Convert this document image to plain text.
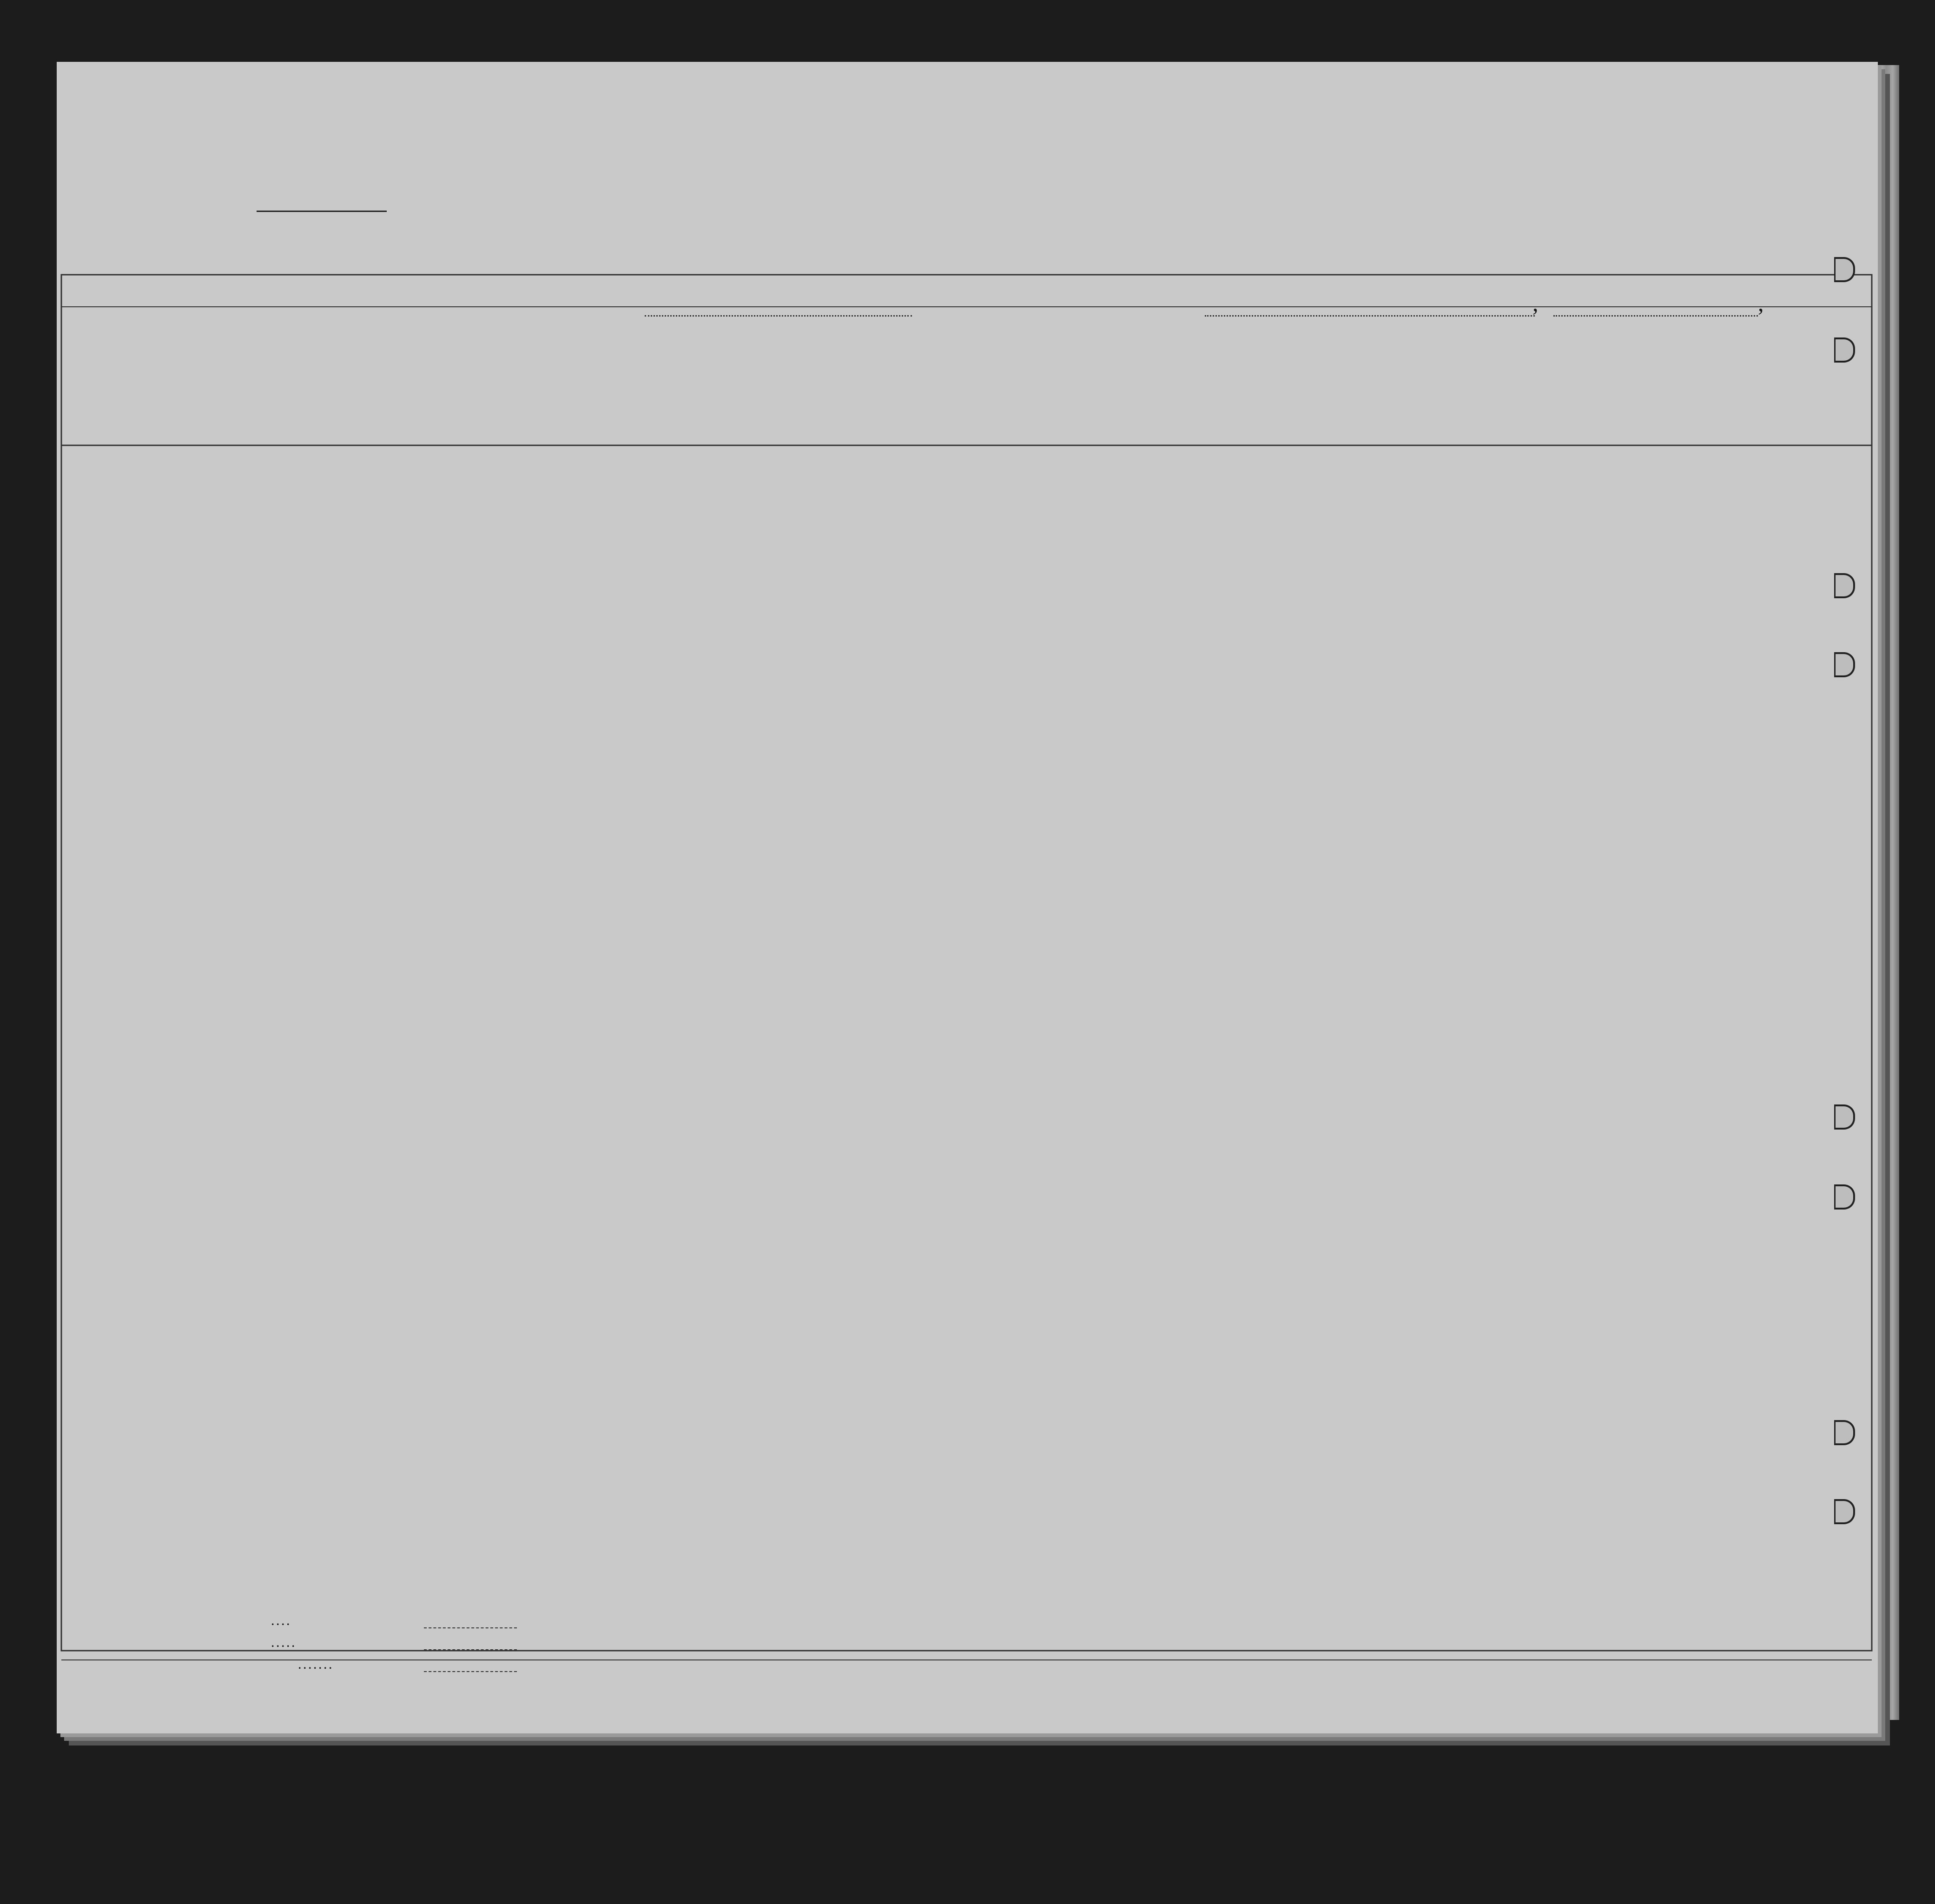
,	,
. . . .
. . . . .
. . . . . . .
